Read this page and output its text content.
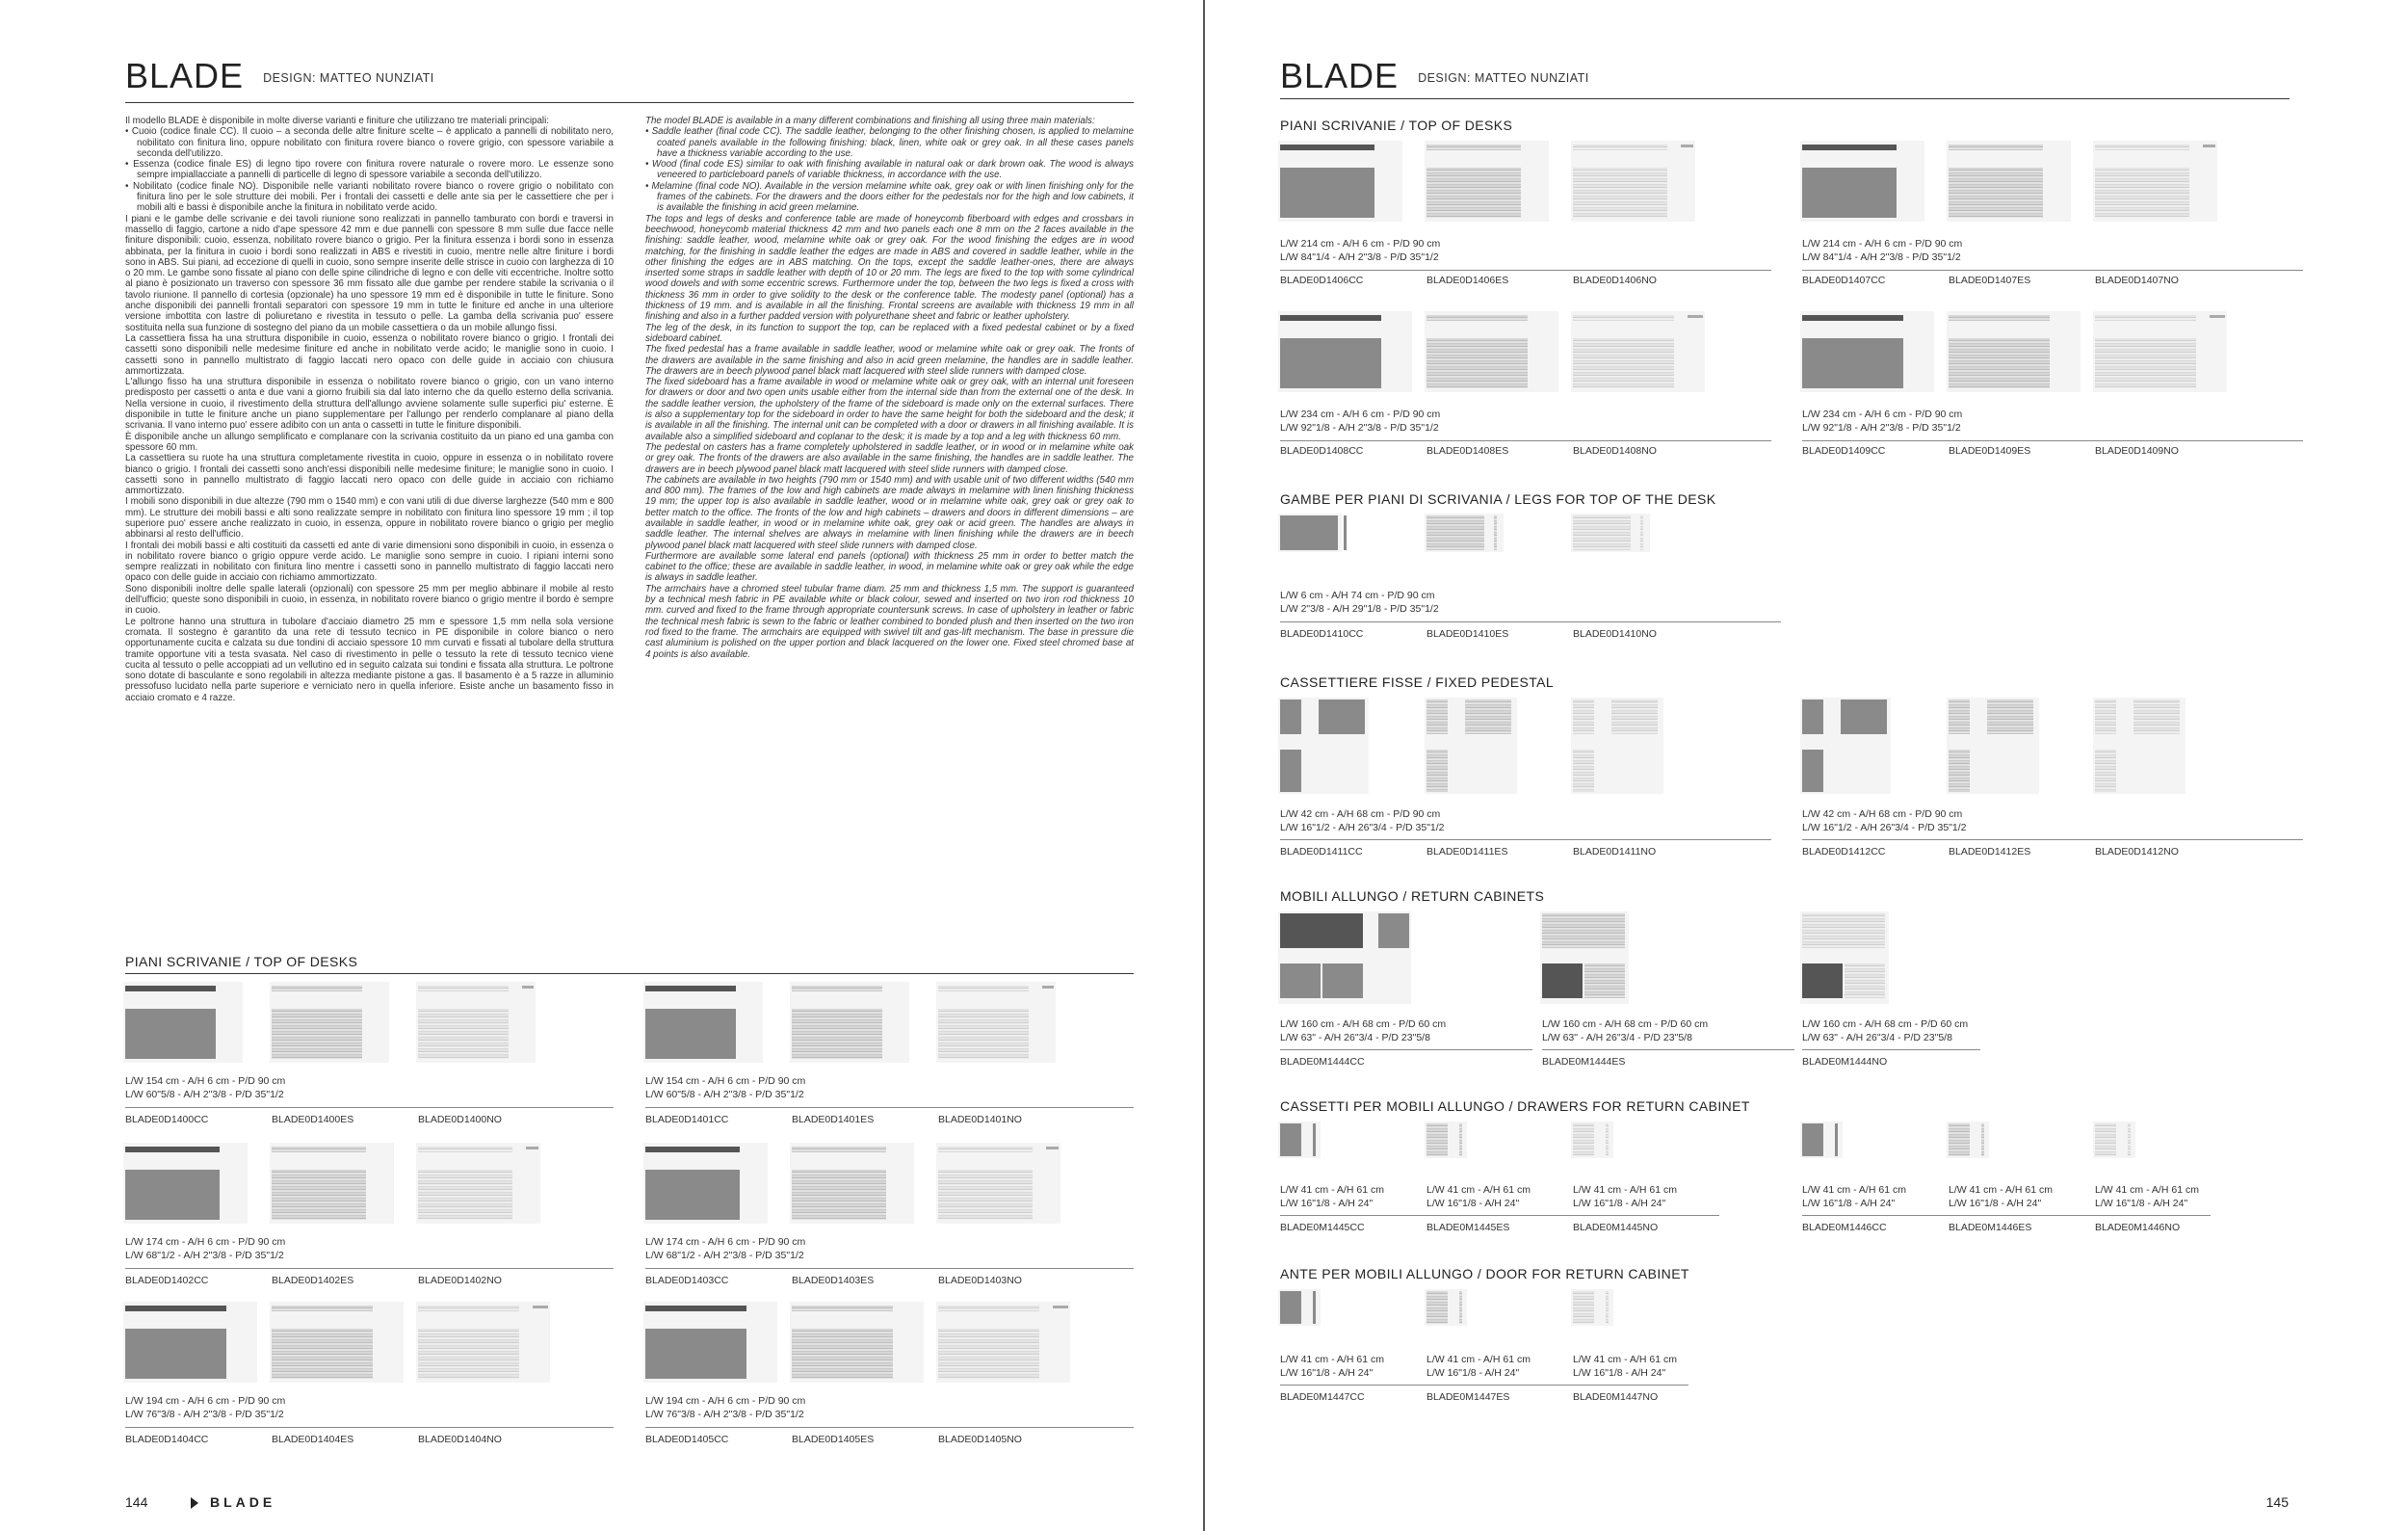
BLADE DESIGN: MATTEO NUNZIATI

Il modello BLADE è disponibile in molte diverse varianti e finiture che utilizzano tre materiali principali:

• Cuoio (codice finale CC). Il cuoio – a seconda delle altre finiture scelte – è applicato a pannelli di nobilitato nero, nobilitato con finitura lino, oppure nobilitato con finitura rovere bianco o rovere grigio, con spessore variabile a seconda dell'utilizzo.

• Essenza (codice finale ES) di legno tipo rovere con finitura rovere naturale o rovere moro. Le essenze sono sempre impiallacciate a pannelli di particelle di legno di spessore variabile a seconda dell'utilizzo.

• Nobilitato (codice finale NO). Disponibile nelle varianti nobilitato rovere bianco o rovere grigio o nobilitato con finitura lino per le sole strutture dei mobili. Per i frontali dei cassetti e delle ante sia per le cassettiere che per i mobili alti e bassi è disponibile anche la finitura in nobilitato verde acido.

I piani e le gambe delle scrivanie e dei tavoli riunione sono realizzati in pannello tamburato con bordi e traversi in massello di faggio, cartone a nido d'ape spessore 42 mm e due pannelli con spessore 8 mm sulle due facce nelle finiture disponibili: cuoio, essenza, nobilitato rovere bianco o grigio. Per la finitura essenza i bordi sono in essenza abbinata, per la finitura in cuoio i bordi sono realizzati in ABS e rivestiti in cuoio, mentre nelle altre finiture i bordi sono in ABS. Sui piani, ad eccezione di quelli in cuoio, sono sempre inserite delle strisce in cuoio con larghezza di 10 o 20 mm. Le gambe sono fissate al piano con delle spine cilindriche di legno e con delle viti eccentriche. Inoltre sotto al piano è posizionato un traverso con spessore 36 mm fissato alle due gambe per rendere stabile la scrivania o il tavolo riunione. Il pannello di cortesia (opzionale) ha uno spessore 19 mm ed è disponibile in tutte le finiture. Sono anche disponibili dei pannelli frontali separatori con spessore 19 mm in tutte le finiture ed anche in una ulteriore versione imbottita con lastre di poliuretano e rivestita in tessuto o pelle. La gamba della scrivania puo' essere sostituita nella sua funzione di sostegno del piano da un mobile cassettiera o da un mobile allungo fissi.

La cassettiera fissa ha una struttura disponibile in cuoio, essenza o nobilitato rovere bianco o grigio. I frontali dei cassetti sono disponibili nelle medesime finiture ed anche in nobilitato verde acido; le maniglie sono in cuoio. I cassetti sono in pannello multistrato di faggio laccati nero opaco con delle guide in acciaio con chiusura ammortizzata.

L'allungo fisso ha una struttura disponibile in essenza o nobilitato rovere bianco o grigio, con un vano interno predisposto per cassetti o anta e due vani a giorno fruibili sia dal lato interno che da quello esterno della scrivania. Nella versione in cuoio, il rivestimento della struttura dell'allungo avviene solamente sulle superfici piu' esterne. È disponibile in tutte le finiture anche un piano supplementare per l'allungo per renderlo complanare al piano della scrivania. Il vano interno puo' essere adibito con un anta o cassetti in tutte le finiture disponibili.

È disponibile anche un allungo semplificato e complanare con la scrivania costituito da un piano ed una gamba con spessore 60 mm.

La cassettiera su ruote ha una struttura completamente rivestita in cuoio, oppure in essenza o in nobilitato rovere bianco o grigio. I frontali dei cassetti sono anch'essi disponibili nelle medesime finiture; le maniglie sono in cuoio. I cassetti sono in pannello multistrato di faggio laccati nero opaco con delle guide in acciaio con richiamo ammortizzato.

I mobili sono disponibili in due altezze (790 mm o 1540 mm) e con vani utili di due diverse larghezze (540 mm e 800 mm). Le strutture dei mobili bassi e alti sono realizzate sempre in nobilitato con finitura lino spessore 19 mm ; il top superiore puo' essere anche realizzato in cuoio, in essenza, oppure in nobilitato rovere bianco o grigio per meglio abbinarsi al resto dell'ufficio.

I frontali dei mobili bassi e alti costituiti da cassetti ed ante di varie dimensioni sono disponibili in cuoio, in essenza o in nobilitato rovere bianco o grigio oppure verde acido. Le maniglie sono sempre in cuoio. I ripiani interni sono sempre realizzati in nobilitato con finitura lino mentre i cassetti sono in pannello multistrato di faggio laccati nero opaco con delle guide in acciaio con richiamo ammortizzato.

Sono disponibili inoltre delle spalle laterali (opzionali) con spessore 25 mm per meglio abbinare il mobile al resto dell'ufficio; queste sono disponibili in cuoio, in essenza, in nobilitato rovere bianco o grigio mentre il bordo è sempre in cuoio.

Le poltrone hanno una struttura in tubolare d'acciaio diametro 25 mm e spessore 1,5 mm nella sola versione cromata. Il sostegno è garantito da una rete di tessuto tecnico in PE disponibile in colore bianco o nero opportunamente cucita e calzata su due tondini di acciaio spessore 10 mm curvati e fissati al tubolare della struttura tramite opportune viti a testa svasata. Nel caso di rivestimento in pelle o tessuto la rete di tessuto tecnico viene cucita al tessuto o pelle accoppiati ad un vellutino ed in seguito calzata sui tondini e fissata alla struttura. Le poltrone sono dotate di basculante e sono regolabili in altezza mediante pistone a gas. Il basamento è a 5 razze in alluminio pressofuso lucidato nella parte superiore e verniciato nero in quella inferiore. Esiste anche un basamento fisso in acciaio cromato e 4 razze.

The model BLADE is available in a many different combinations and finishing all using three main materials:

• Saddle leather (final code CC). The saddle leather, belonging to the other finishing chosen, is applied to melamine coated panels available in the following finishing: black, linen, white oak or grey oak. In all these cases panels have a thickness variable according to the use.

• Wood (final code ES) similar to oak with finishing available in natural oak or dark brown oak. The wood is always veneered to particleboard panels of variable thickness, in accordance with the use.

• Melamine (final code NO). Available in the version melamine white oak, grey oak or with linen finishing only for the frames of the cabinets. For the drawers and the doors either for the pedestals nor for the high and low cabinets, it is available the finishing in acid green melamine.

The tops and legs of desks and conference table are made of honeycomb fiberboard with edges and crossbars in beechwood, honeycomb material thickness 42 mm and two panels each one 8 mm on the 2 faces available in the finishing: saddle leather, wood, melamine white oak or grey oak. For the wood finishing the edges are in wood matching, for the finishing in saddle leather the edges are made in ABS and covered in saddle leather, while in the other finishing the edges are in ABS matching. On the tops, except the saddle leather-ones, there are always inserted some straps in saddle leather with depth of 10 or 20 mm. The legs are fixed to the top with some cylindrical wood dowels and with some eccentric screws. Furthermore under the top, between the two legs is fixed a cross with thickness 36 mm in order to give solidity to the desk or the conference table. The modesty panel (optional) has a thickness of 19 mm. and is available in all the finishing. Frontal screens are available with thickness 19 mm in all finishing and also in a further padded version with polyurethane sheet and fabric or leather upholstery.

The leg of the desk, in its function to support the top, can be replaced with a fixed pedestal cabinet or by a fixed sideboard cabinet.

The fixed pedestal has a frame available in saddle leather, wood or melamine white oak or grey oak. The fronts of the drawers are available in the same finishing and also in acid green melamine, the handles are in saddle leather. The drawers are in beech plywood panel black matt lacquered with steel slide runners with damped close.

The fixed sideboard has a frame available in wood or melamine white oak or grey oak, with an internal unit foreseen for drawers or door and two open units usable either from the internal side than from the external one of the desk. In the saddle leather version, the upholstery of the frame of the sideboard is made only on the external surfaces. There is also a supplementary top for the sideboard in order to have the same height for both the sideboard and the desk; it is available in all the finishing. The internal unit can be completed with a door or drawers in all finishing available. It is available also a simplified sideboard and coplanar to the desk; it is made by a top and a leg with thickness 60 mm.

The pedestal on casters has a frame completely upholstered in saddle leather, or in wood or in melamine white oak or grey oak. The fronts of the drawers are also available in the same finishing, the handles are in saddle leather. The drawers are in beech plywood panel black matt lacquered with steel slide runners with damped close.

The cabinets are available in two heights (790 mm or 1540 mm) and with usable unit of two different widths (540 mm and 800 mm). The frames of the low and high cabinets are made always in melamine with linen finishing thickness 19 mm; the upper top is also available in saddle leather, wood or in melamine white oak, grey oak or grey oak to better match to the office. The fronts of the low and high cabinets – drawers and doors in different dimensions – are available in saddle leather, in wood or in melamine white oak, grey oak or acid green. The handles are always in saddle leather. The internal shelves are always in melamine with linen finishing while the drawers are in beech plywood panel black matt lacquered with steel slide runners with damped close.

Furthermore are available some lateral end panels (optional) with thickness 25 mm in order to better match the cabinet to the office; these are available in saddle leather, in wood, in melamine white oak or grey oak while the edge is always in saddle leather.

The armchairs have a chromed steel tubular frame diam. 25 mm and thickness 1,5 mm. The support is guaranteed by a technical mesh fabric in PE available white or black colour, sewed and inserted on two iron rod thickness 10 mm. curved and fixed to the frame through appropriate countersunk screws. In case of upholstery in leather or fabric the technical mesh fabric is sewn to the fabric or leather combined to bonded plush and then inserted on the two iron rod fixed to the frame. The armchairs are equipped with swivel tilt and gas-lift mechanism. The base in pressure die cast aluminium is polished on the upper portion and black lacquered on the lower one. Fixed steel chromed base at 4 points is also available.

PIANI SCRIVANIE / TOP OF DESKS
L/W 154 cm - A/H 6 cm - P/D 90 cm
L/W 60"5/8 - A/H 2"3/8 - P/D 35"1/2
BLADE0D1400CC	BLADE0D1400ES	BLADE0D1400NO
L/W 154 cm - A/H 6 cm - P/D 90 cm
L/W 60"5/8 - A/H 2"3/8 - P/D 35"1/2
BLADE0D1401CC	BLADE0D1401ES	BLADE0D1401NO
L/W 174 cm - A/H 6 cm - P/D 90 cm
L/W 68"1/2 - A/H 2"3/8 - P/D 35"1/2
BLADE0D1402CC	BLADE0D1402ES	BLADE0D1402NO
L/W 174 cm - A/H 6 cm - P/D 90 cm
L/W 68"1/2 - A/H 2"3/8 - P/D 35"1/2
BLADE0D1403CC	BLADE0D1403ES	BLADE0D1403NO
L/W 194 cm - A/H 6 cm - P/D 90 cm
L/W 76"3/8 - A/H 2"3/8 - P/D 35"1/2
BLADE0D1404CC	BLADE0D1404ES	BLADE0D1404NO
L/W 194 cm - A/H 6 cm - P/D 90 cm
L/W 76"3/8 - A/H 2"3/8 - P/D 35"1/2
BLADE0D1405CC	BLADE0D1405ES	BLADE0D1405NO
144	BLADE
BLADE DESIGN: MATTEO NUNZIATI
PIANI SCRIVANIE / TOP OF DESKS
L/W 214 cm - A/H 6 cm - P/D 90 cm
L/W 84"1/4 - A/H 2"3/8 - P/D 35"1/2
BLADE0D1406CC	BLADE0D1406ES	BLADE0D1406NO
L/W 214 cm - A/H 6 cm - P/D 90 cm
L/W 84"1/4 - A/H 2"3/8 - P/D 35"1/2
BLADE0D1407CC	BLADE0D1407ES	BLADE0D1407NO
L/W 234 cm - A/H 6 cm - P/D 90 cm
L/W 92"1/8 - A/H 2"3/8 - P/D 35"1/2
BLADE0D1408CC	BLADE0D1408ES	BLADE0D1408NO
L/W 234 cm - A/H 6 cm - P/D 90 cm
L/W 92"1/8 - A/H 2"3/8 - P/D 35"1/2
BLADE0D1409CC	BLADE0D1409ES	BLADE0D1409NO
GAMBE PER PIANI DI SCRIVANIA / LEGS FOR TOP OF THE DESK
L/W 6 cm - A/H 74 cm - P/D 90 cm
L/W 2"3/8 - A/H 29"1/8 - P/D 35"1/2
BLADE0D1410CC	BLADE0D1410ES	BLADE0D1410NO
CASSETTIERE FISSE / FIXED PEDESTAL
L/W 42 cm - A/H 68 cm - P/D 90 cm
L/W 16"1/2 - A/H 26"3/4 - P/D 35"1/2
BLADE0D1411CC	BLADE0D1411ES	BLADE0D1411NO
L/W 42 cm - A/H 68 cm - P/D 90 cm
L/W 16"1/2 - A/H 26"3/4 - P/D 35"1/2
BLADE0D1412CC	BLADE0D1412ES	BLADE0D1412NO
MOBILI ALLUNGO / RETURN CABINETS
L/W 160 cm - A/H 68 cm - P/D 60 cm
L/W 63" - A/H 26"3/4 - P/D 23"5/8
BLADE0M1444CC
L/W 160 cm - A/H 68 cm - P/D 60 cm
L/W 63" - A/H 26"3/4 - P/D 23"5/8
BLADE0M1444ES
L/W 160 cm - A/H 68 cm - P/D 60 cm
L/W 63" - A/H 26"3/4 - P/D 23"5/8
BLADE0M1444NO
CASSETTI PER MOBILI ALLUNGO / DRAWERS FOR RETURN CABINET
L/W 41 cm - A/H 61 cm
L/W 16"1/8 - A/H 24"
BLADE0M1445CC
L/W 41 cm - A/H 61 cm
L/W 16"1/8 - A/H 24"
BLADE0M1445ES
L/W 41 cm - A/H 61 cm
L/W 16"1/8 - A/H 24"
BLADE0M1445NO
L/W 41 cm - A/H 61 cm
L/W 16"1/8 - A/H 24"
BLADE0M1446CC
L/W 41 cm - A/H 61 cm
L/W 16"1/8 - A/H 24"
BLADE0M1446ES
L/W 41 cm - A/H 61 cm
L/W 16"1/8 - A/H 24"
BLADE0M1446NO
ANTE PER MOBILI ALLUNGO / DOOR FOR RETURN CABINET
L/W 41 cm - A/H 61 cm
L/W 16"1/8 - A/H 24"
BLADE0M1447CC
L/W 41 cm - A/H 61 cm
L/W 16"1/8 - A/H 24"
BLADE0M1447ES
L/W 41 cm - A/H 61 cm
L/W 16"1/8 - A/H 24"
BLADE0M1447NO
145
